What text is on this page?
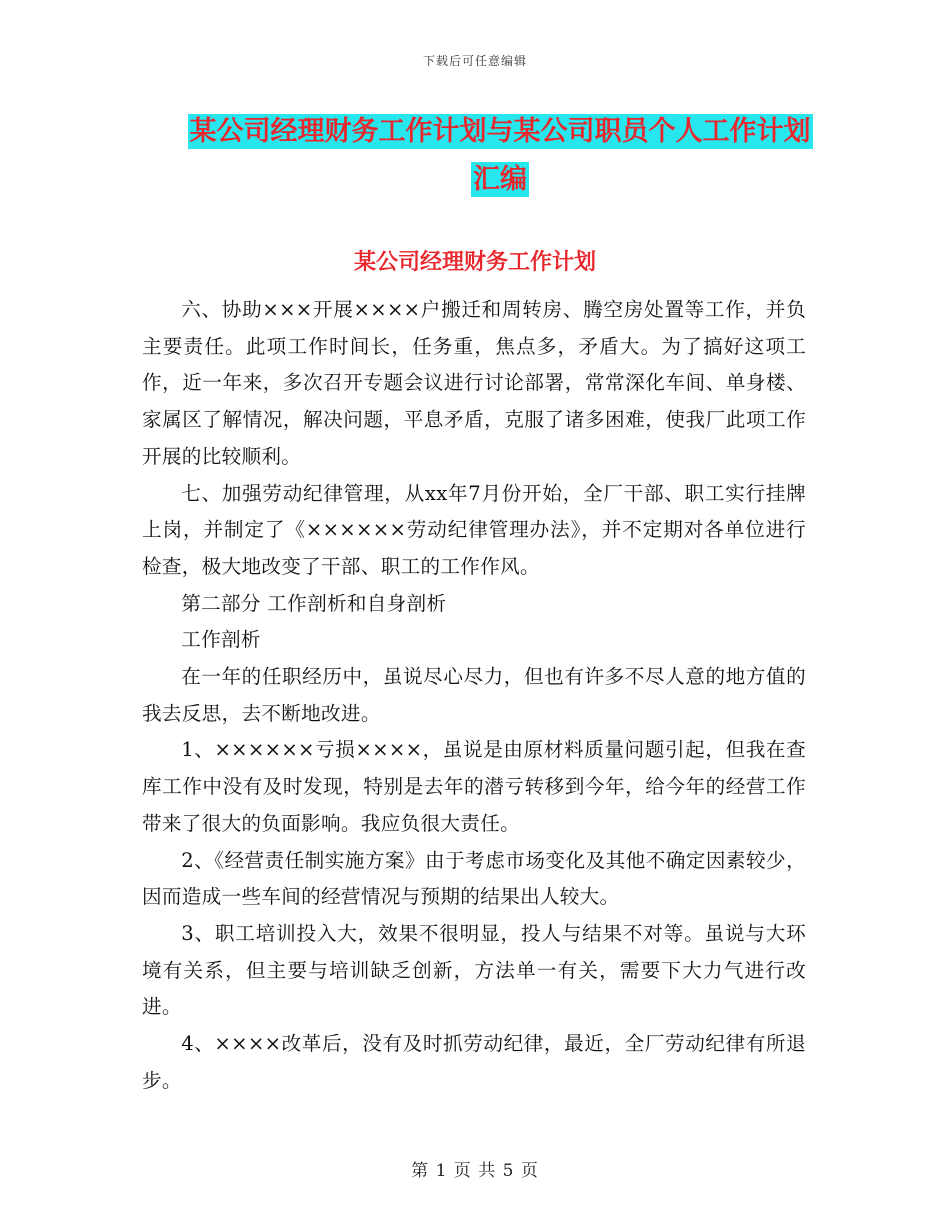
下载后可任意编辑
某公司经理财务工作计划与某公司职员个人工作计划
汇编
某公司经理财务工作计划

六、协助×××开展××××户搬迁和周转房、腾空房处置等工作，并负主要责任。此项工作时间长，任务重，焦点多，矛盾大。为了搞好这项工作，近一年来，多次召开专题会议进行讨论部署，常常深化车间、单身楼、家属区了解情况，解决问题，平息矛盾，克服了诸多困难，使我厂此项工作开展的比较顺利。

七、加强劳动纪律管理，从xx年7月份开始，全厂干部、职工实行挂牌上岗，并制定了《××××××劳动纪律管理办法》，并不定期对各单位进行检查，极大地改变了干部、职工的工作作风。

第二部分 工作剖析和自身剖析

工作剖析

在一年的任职经历中，虽说尽心尽力，但也有许多不尽人意的地方值的我去反思，去不断地改进。

1、××××××亏损××××，虽说是由原材料质量问题引起，但我在查库工作中没有及时发现，特别是去年的潜亏转移到今年，给今年的经营工作带来了很大的负面影响。我应负很大责任。

2、《经营责任制实施方案》由于考虑市场变化及其他不确定因素较少，因而造成一些车间的经营情况与预期的结果出人较大。

3、职工培训投入大，效果不很明显，投人与结果不对等。虽说与大环境有关系，但主要与培训缺乏创新，方法单一有关，需要下大力气进行改进。

4、××××改革后，没有及时抓劳动纪律，最近，全厂劳动纪律有所退步。

第 1 页 共 5 页
